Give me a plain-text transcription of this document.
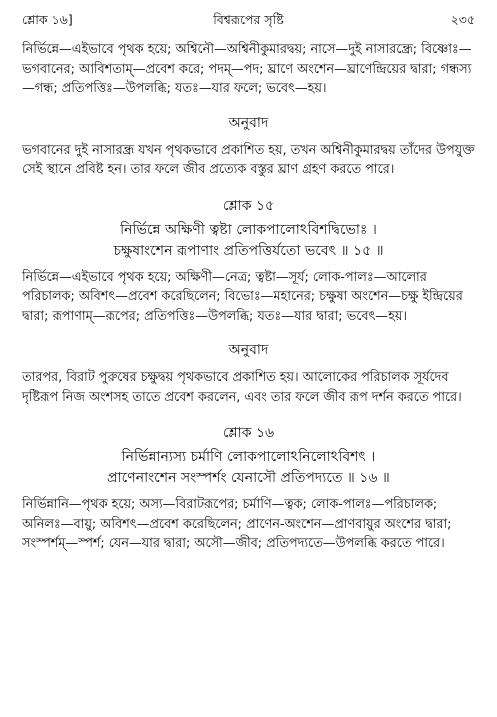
শ্লোক ১৬]	বিশ্বরূপের সৃষ্টি	২৩৫

নির্ভিন্নে—এইভাবে পৃথক হয়ে; অশ্বিনৌ—অশ্বিনীকুমারদ্বয়; নাসে—দুই নাসারন্ধ্রে; বিষ্ণোঃ—ভগবানের; আবিশতাম্—প্রবেশ করে; পদম্—পদ; ঘ্রাণে অংশেন—ঘ্রাণেন্দ্রিয়ের দ্বারা; গন্ধস্য—গন্ধ; প্রতিপত্তিঃ—উপলব্ধি; যতঃ—যার ফলে; ভবেৎ—হয়।

অনুবাদ

ভগবানের দুই নাসারন্ধ্র যখন পৃথকভাবে প্রকাশিত হয়, তখন অশ্বিনীকুমারদ্বয় তাঁদের উপযুক্ত সেই স্থানে প্রবিষ্ট হন। তার ফলে জীব প্রত্যেক বস্তুর ঘ্রাণ গ্রহণ করতে পারে।

শ্লোক ১৫

নির্ভিন্নে অক্ষিণী ত্বষ্টা লোকপালোঽবিশদ্বিভোঃ ।

চক্ষুষাংশেন রূপাণাং প্রতিপত্তির্যতো ভবেৎ ॥ ১৫ ॥

নির্ভিন্নে—এইভাবে পৃথক হয়ে; অক্ষিণী—নেত্র; ত্বষ্টা—সূর্য; লোক-পালঃ—আলোর পরিচালক; অবিশৎ—প্রবেশ করেছিলেন; বিভোঃ—মহানের; চক্ষুষা অংশেন—চক্ষু ইন্দ্রিয়ের দ্বারা; রূপাণাম্—রূপের; প্রতিপত্তিঃ—উপলব্ধি; যতঃ—যার দ্বারা; ভবেৎ—হয়।

অনুবাদ

তারপর, বিরাট পুরুষের চক্ষুদ্বয় পৃথকভাবে প্রকাশিত হয়। আলোকের পরিচালক সূর্যদেব দৃষ্টিরূপ নিজ অংশসহ তাতে প্রবেশ করলেন, এবং তার ফলে জীব রূপ দর্শন করতে পারে।

শ্লোক ১৬

নির্ভিন্নান্যস্য চর্মাণি লোকপালোঽনিলোঽবিশৎ ।

প্রাণেনাংশেন সংস্পর্শং যেনাসৌ প্রতিপদ্যতে ॥ ১৬ ॥

নির্ভিন্নানি—পৃথক হয়ে; অস্য—বিরাটরূপের; চর্মাণি—ত্বক; লোক-পালঃ—পরিচালক; অনিলঃ—বায়ু; অবিশৎ—প্রবেশ করেছিলেন; প্রাণেন-অংশেন—প্রাণবায়ুর অংশের দ্বারা; সংস্পর্শম্—স্পর্শ; যেন—যার দ্বারা; অসৌ—জীব; প্রতিপদ্যতে—উপলব্ধি করতে পারে।
